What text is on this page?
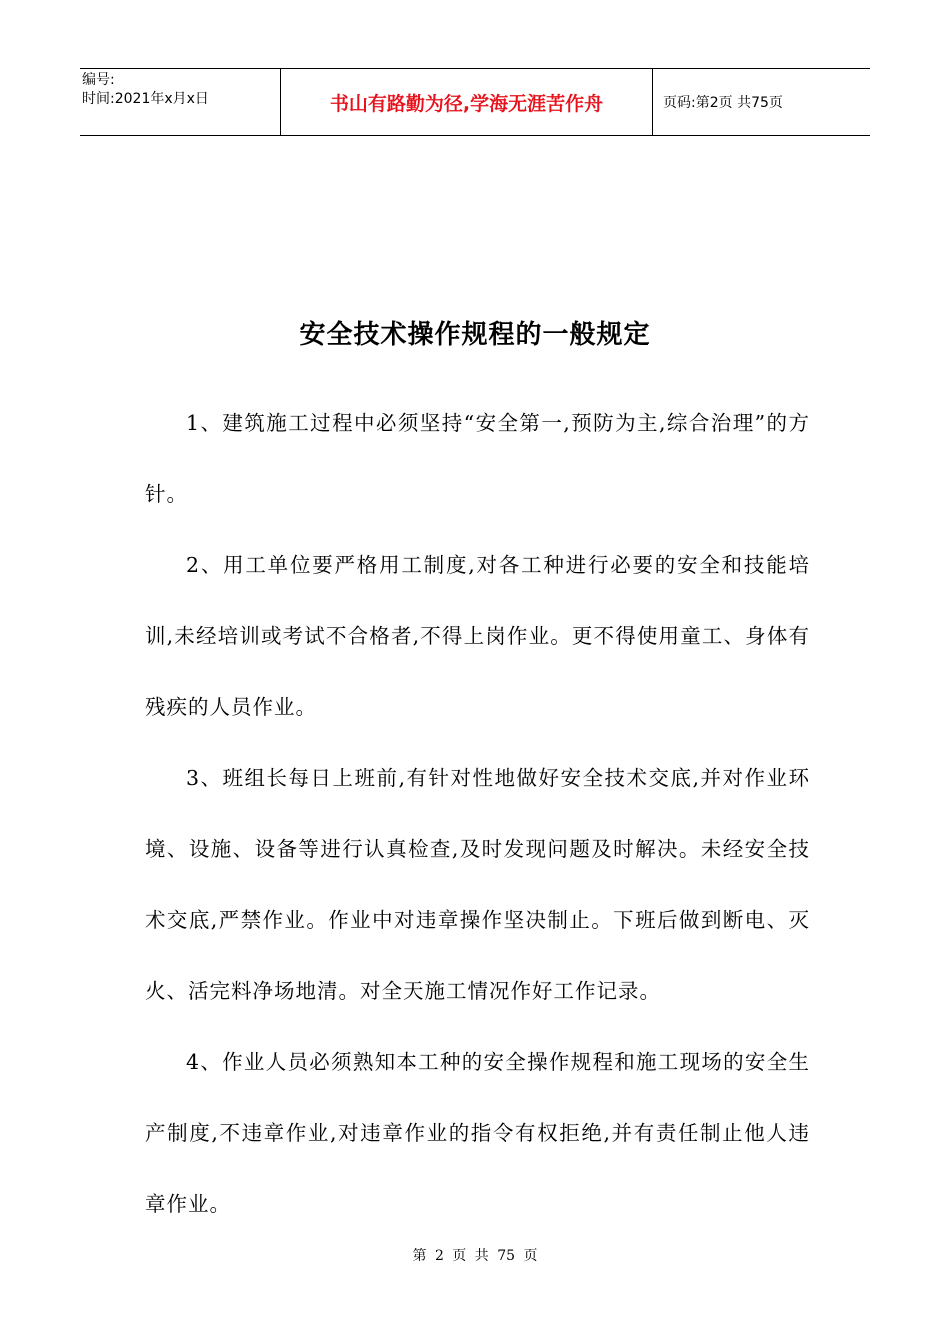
编号:
时间:2021年x月x日	书山有路勤为径,学海无涯苦作舟	页码:第2页 共75页
安全技术操作规程的一般规定

1、建筑施工过程中必须坚持“安全第一,预防为主,综合治理”的方针。

2、用工单位要严格用工制度,对各工种进行必要的安全和技能培训,未经培训或考试不合格者,不得上岗作业。更不得使用童工、身体有残疾的人员作业。

3、班组长每日上班前,有针对性地做好安全技术交底,并对作业环境、设施、设备等进行认真检查,及时发现问题及时解决。未经安全技术交底,严禁作业。作业中对违章操作坚决制止。下班后做到断电、灭火、活完料净场地清。对全天施工情况作好工作记录。

4、作业人员必须熟知本工种的安全操作规程和施工现场的安全生产制度,不违章作业,对违章作业的指令有权拒绝,并有责任制止他人违章作业。

第 2 页 共 75 页
